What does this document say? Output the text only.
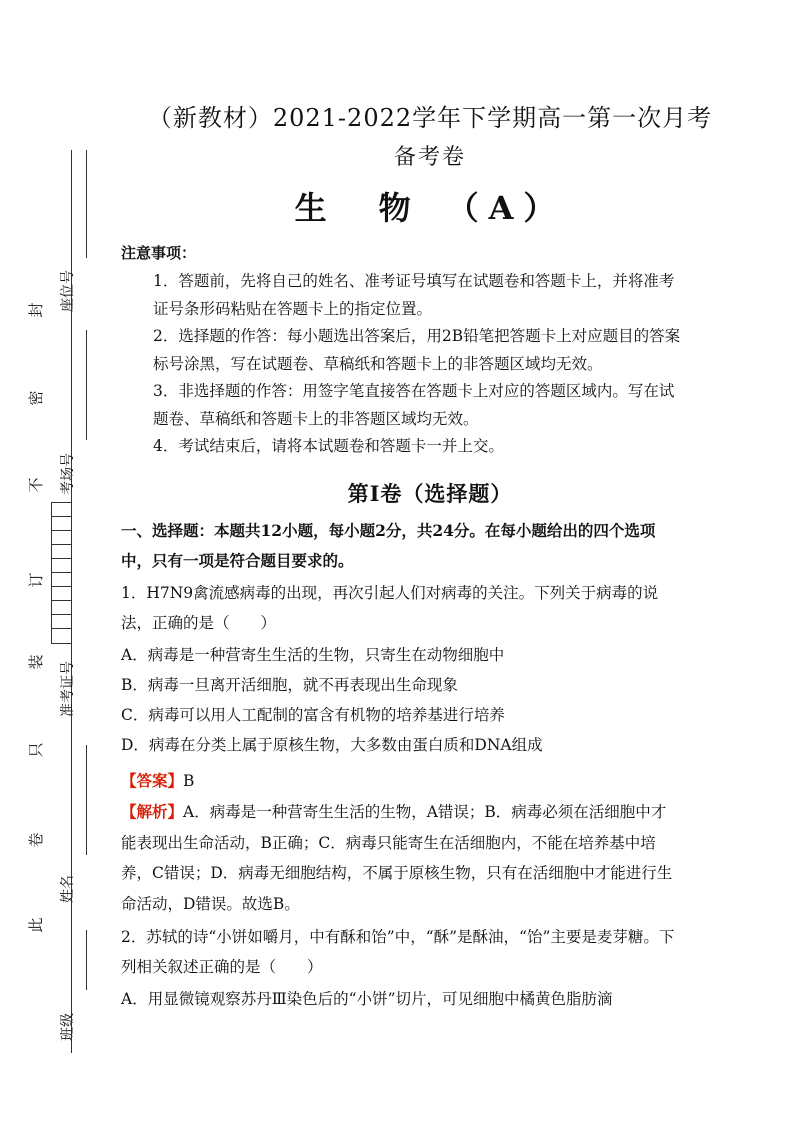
封
密
不
订
装
只
卷
此
座位号
考场号
准考证号
姓名
班级
（新教材）2021-2022学年下学期高一第一次月考
备考卷
生　物　（A）
注意事项：
1．答题前，先将自己的姓名、准考证号填写在试题卷和答题卡上，并将准考证号条形码粘贴在答题卡上的指定位置。
2．选择题的作答：每小题选出答案后，用2B铅笔把答题卡上对应题目的答案标号涂黑，写在试题卷、草稿纸和答题卡上的非答题区域均无效。
3．非选择题的作答：用签字笔直接答在答题卡上对应的答题区域内。写在试题卷、草稿纸和答题卡上的非答题区域均无效。
4．考试结束后，请将本试题卷和答题卡一并上交。
第Ⅰ卷（选择题）
一、选择题：本题共12小题，每小题2分，共24分。在每小题给出的四个选项中，只有一项是符合题目要求的。
1．H7N9禽流感病毒的出现，再次引起人们对病毒的关注。下列关于病毒的说法，正确的是（　　）
A．病毒是一种营寄生生活的生物，只寄生在动物细胞中
B．病毒一旦离开活细胞，就不再表现出生命现象
C．病毒可以用人工配制的富含有机物的培养基进行培养
D．病毒在分类上属于原核生物，大多数由蛋白质和DNA组成
【答案】B
【解析】A．病毒是一种营寄生生活的生物，A错误；B．病毒必须在活细胞中才能表现出生命活动，B正确；C．病毒只能寄生在活细胞内，不能在培养基中培养，C错误；D．病毒无细胞结构，不属于原核生物，只有在活细胞中才能进行生命活动，D错误。故选B。
2．苏轼的诗“小饼如嚼月，中有酥和饴”中，“酥”是酥油，“饴”主要是麦芽糖。下列相关叙述正确的是（　　）
A．用显微镜观察苏丹Ⅲ染色后的“小饼”切片，可见细胞中橘黄色脂肪滴
